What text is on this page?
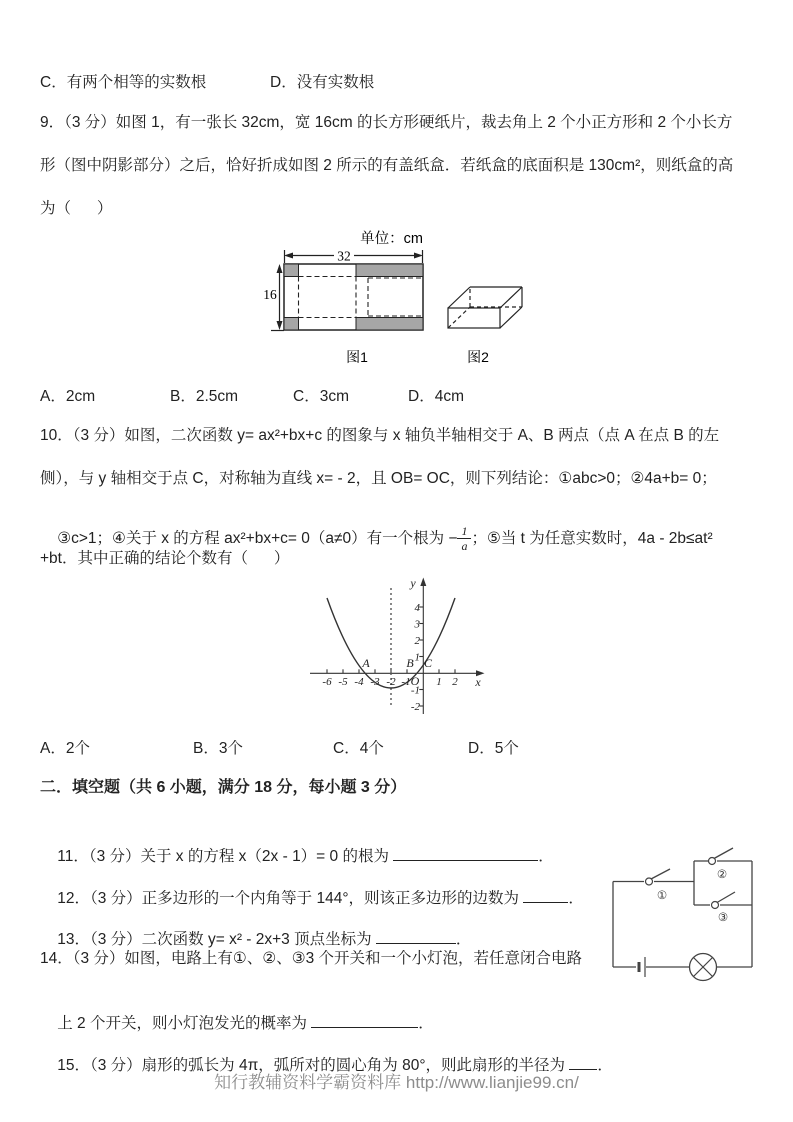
C．有两个相等的实数根

	D．没有实数根

9．（3 分）如图 1，有一张长 32cm，宽 16cm 的长方形硬纸片，裁去角上 2 个小正方形和 2 个小长方
形（图中阴影部分）之后，恰好折成如图 2 所示的有盖纸盒．若纸盒的底面积是 130cm²，则纸盒的高
为（      ）
单位：cm
32
16
图1	图2

A．2cm

	B．2.5cm

	C．3cm

	D．4cm

10．（3 分）如图，二次函数 y= ax²+bx+c 的图象与 x 轴负半轴相交于 A、B 两点（点 A 在点 B 的左
侧），与 y 轴相交于点 C，对称轴为直线 x= - 2，且 OB= OC，则下列结论：①abc>0；②4a+b= 0；

③c>1；④关于 x 的方程 ax²+bx+c= 0（a≠0）有一个根为 − $\frac{1}{a}$ ；⑤当 t 为任意实数时，4a - 2b≤at²

+bt．其中正确的结论个数有（      ）
-6 -5 -4 -3 -2 -1 1 2
4
3
2
1
-1
-2
A	B C
O	x
y

A．2个

	B．3个

	C．4个

	D．5个

二．填空题（共 6 小题，满分 18 分，每小题 3 分）

11．（3 分）关于 x 的方程 x（2x - 1）= 0 的根为	．

12．（3 分）正多边形的一个内角等于 144°，则该正多边形的边数为	．

13．（3 分）二次函数 y= x² - 2x+3 顶点坐标为	．

14．（3 分）如图，电路上有①、②、③3 个开关和一个小灯泡，若任意闭合电路

上 2 个开关，则小灯泡发光的概率为	．

15．（3 分）扇形的弧长为 4π，弧所对的圆心角为 80°，则此扇形的半径为 ．

①
②
③
知行教辅资料学霸资料库 http://www.lianjie99.cn/
